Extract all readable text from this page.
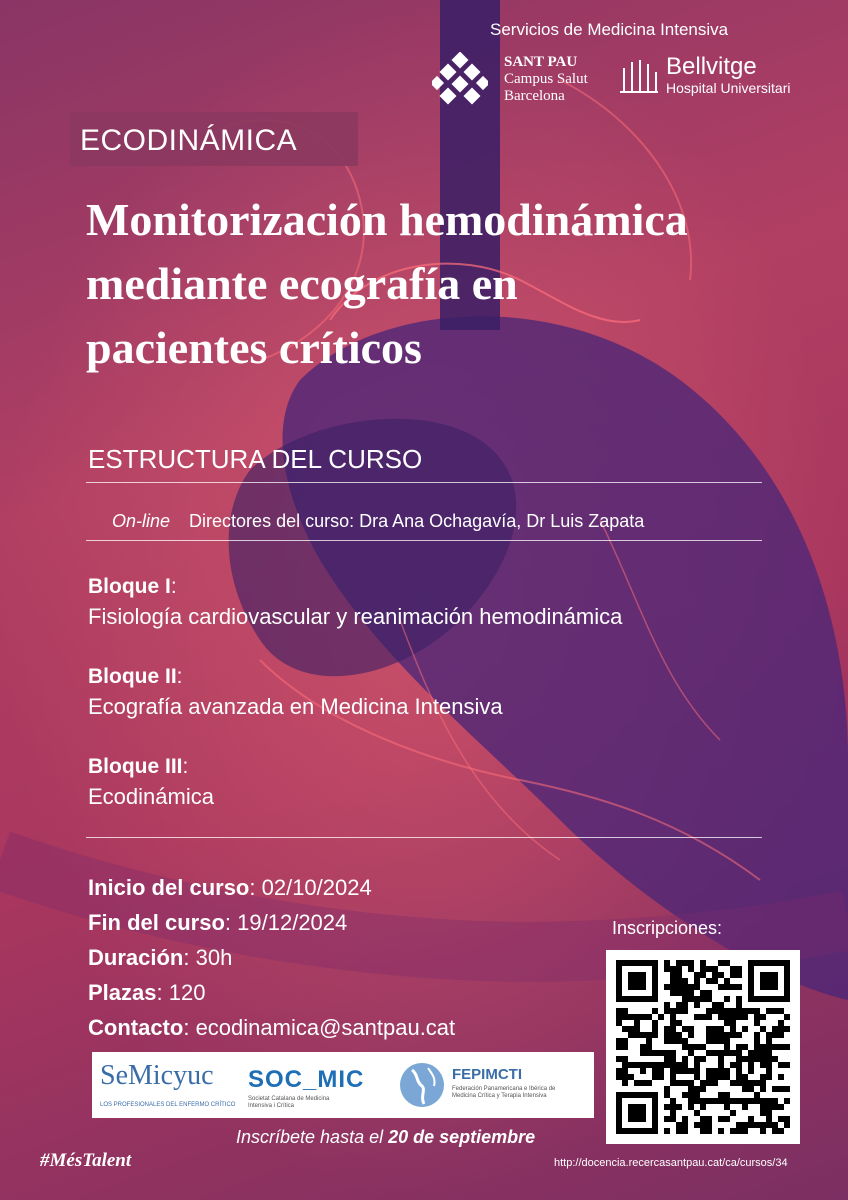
Servicios de Medicina Intensiva
SANT PAU
Campus Salut
Barcelona
Bellvitge
Hospital Universitari
ECODINÁMICA
Monitorización hemodinámica
mediante ecografía en
pacientes críticos
ESTRUCTURA DEL CURSO
On-line Directores del curso: Dra Ana Ochagavía, Dr Luis Zapata
Bloque I:
Fisiología cardiovascular y reanimación hemodinámica
Bloque II:
Ecografía avanzada en Medicina Intensiva
Bloque III:
Ecodinámica
Inicio del curso: 02/10/2024
Fin del curso: 19/12/2024
Duración: 30h
Plazas: 120
Contacto: ecodinamica@santpau.cat
Inscripciones:
SeMicyuc
LOS PROFESIONALES DEL ENFERMO CRÍTICO
SOC_MIC
Societat Catalana de Medicina Intensiva i Crítica
FEPIMCTI
Federación Panamericana e Ibérica de Medicina Crítica y Terapia Intensiva
Inscríbete hasta el 20 de septiembre
#MésTalent	http://docencia.recercasantpau.cat/ca/cursos/34
